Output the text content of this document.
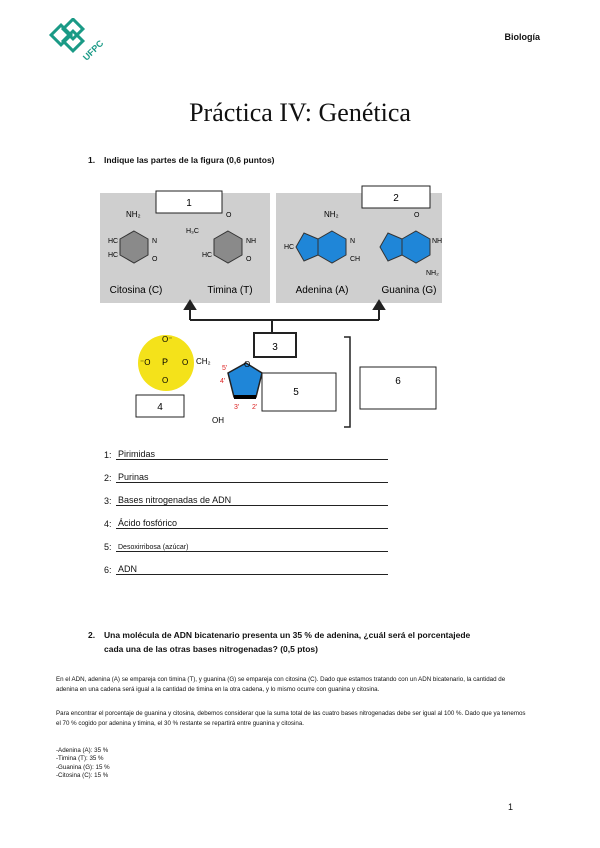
UFPC
Biología
Práctica IV: Genética
1. Indique las partes de la figura (0,6 puntos)
1	2
Citosina (C)
NH₂
HC
HC
N
O
Timina (T)
H₃C
O
NH
HC
O
Adenina (A)
NH₂
HC
N
CH
Guanina (G)
O
NH
NH₂
3
O⁻
⁻O P O
O
CH₂	O
5'
4'
3' 2'
OH
4
5
6
1: Pirimidas
2: Purinas
3: Bases nitrogenadas de ADN
4: Ácido fosfórico
5: Desoxirribosa (azúcar)
6: ADN
2. Una molécula de ADN bicatenario presenta un 35 % de adenina, ¿cuál será el porcentajede cada una de las otras bases nitrogenadas? (0,5 ptos)
En el ADN, adenina (A) se empareja con timina (T), y guanina (G) se empareja con citosina (C). Dado que estamos tratando con un ADN bicatenario, la cantidad de adenina en una cadena será igual a la cantidad de timina en la otra cadena, y lo mismo ocurre con guanina y citosina.
Para encontrar el porcentaje de guanina y citosina, debemos considerar que la suma total de las cuatro bases nitrogenadas debe ser igual al 100 %. Dado que ya tenemos el 70 % cogido por adenina y timina, el 30 % restante se repartirá entre guanina y citosina.
-Adenina (A): 35 %
-Timina (T): 35 %
-Guanina (G): 15 %
-Citosina (C): 15 %
1
